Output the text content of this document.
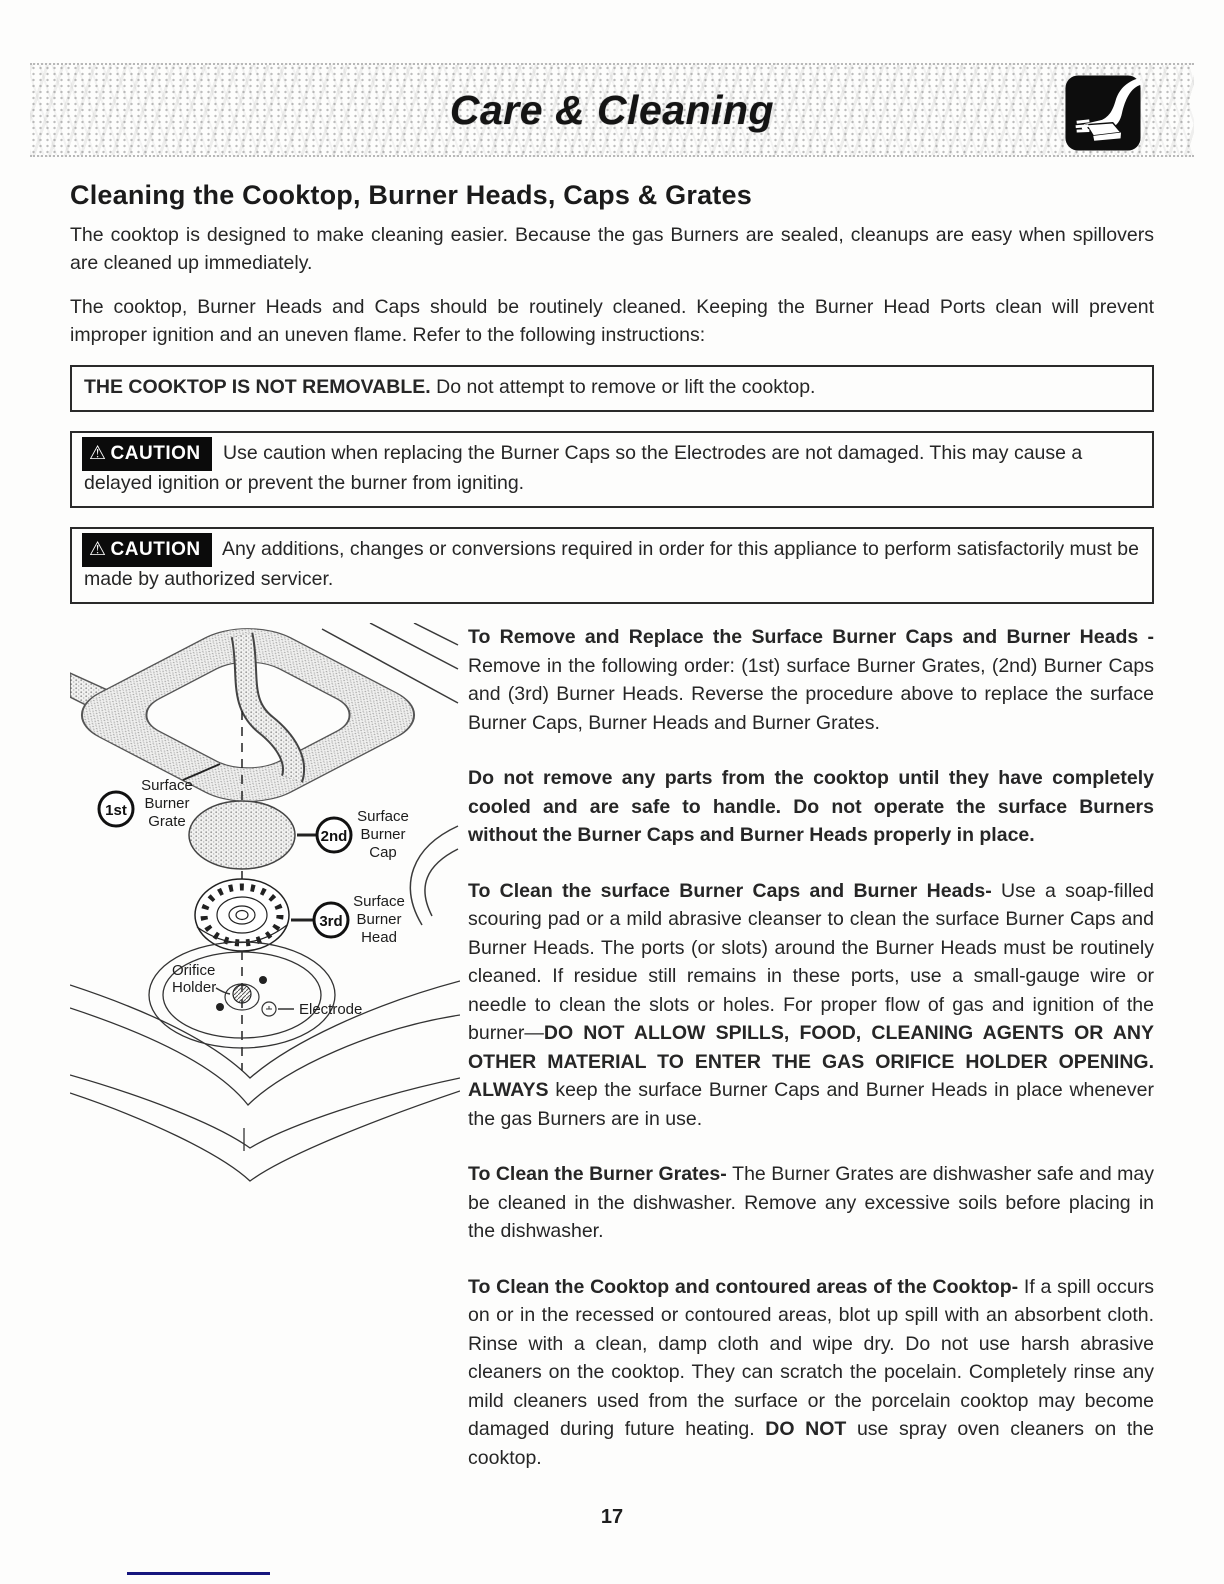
Care & Cleaning
Cleaning the Cooktop, Burner Heads, Caps & Grates

The cooktop is designed to make cleaning easier. Because the gas Burners are sealed, cleanups are easy when spillovers are cleaned up immediately.

The cooktop, Burner Heads and Caps should be routinely cleaned. Keeping the Burner Head Ports clean will prevent improper ignition and an uneven flame. Refer to the following instructions:

THE COOKTOP IS NOT REMOVABLE. Do not attempt to remove or lift the cooktop.
⚠ CAUTION Use caution when replacing the Burner Caps so the Electrodes are not damaged. This may cause a delayed ignition or prevent the burner from igniting.
⚠ CAUTION Any additions, changes or conversions required in order for this appliance to perform satisfactorily must be made by authorized servicer.
1st
Surface
Burner
Grate
2nd
Surface
Burner
Cap
3rd
Surface
Burner
Head
Orifice
Holder
Electrode

To Remove and Replace the Surface Burner Caps and Burner Heads - Remove in the following order: (1st) surface Burner Grates, (2nd) Burner Caps and (3rd) Burner Heads. Reverse the procedure above to replace the surface Burner Caps, Burner Heads and Burner Grates.

Do not remove any parts from the cooktop until they have completely cooled and are safe to handle. Do not operate the surface Burners without the Burner Caps and Burner Heads properly in place.

To Clean the surface Burner Caps and Burner Heads- Use a soap-filled scouring pad or a mild abrasive cleanser to clean the surface Burner Caps and Burner Heads. The ports (or slots) around the Burner Heads must be routinely cleaned. If residue still remains in these ports, use a small-gauge wire or needle to clean the slots or holes. For proper flow of gas and ignition of the burner—DO NOT ALLOW SPILLS, FOOD, CLEANING AGENTS OR ANY OTHER MATERIAL TO ENTER THE GAS ORIFICE HOLDER OPENING. ALWAYS keep the surface Burner Caps and Burner Heads in place whenever the gas Burners are in use.

To Clean the Burner Grates- The Burner Grates are dishwasher safe and may be cleaned in the dishwasher. Remove any excessive soils before placing in the dishwasher.

To Clean the Cooktop and contoured areas of the Cooktop- If a spill occurs on or in the recessed or contoured areas, blot up spill with an absorbent cloth. Rinse with a clean, damp cloth and wipe dry. Do not use harsh abrasive cleaners on the cooktop. They can scratch the pocelain. Completely rinse any mild cleaners used from the surface or the porcelain cooktop may become damaged during future heating. DO NOT use spray oven cleaners on the cooktop.

17
